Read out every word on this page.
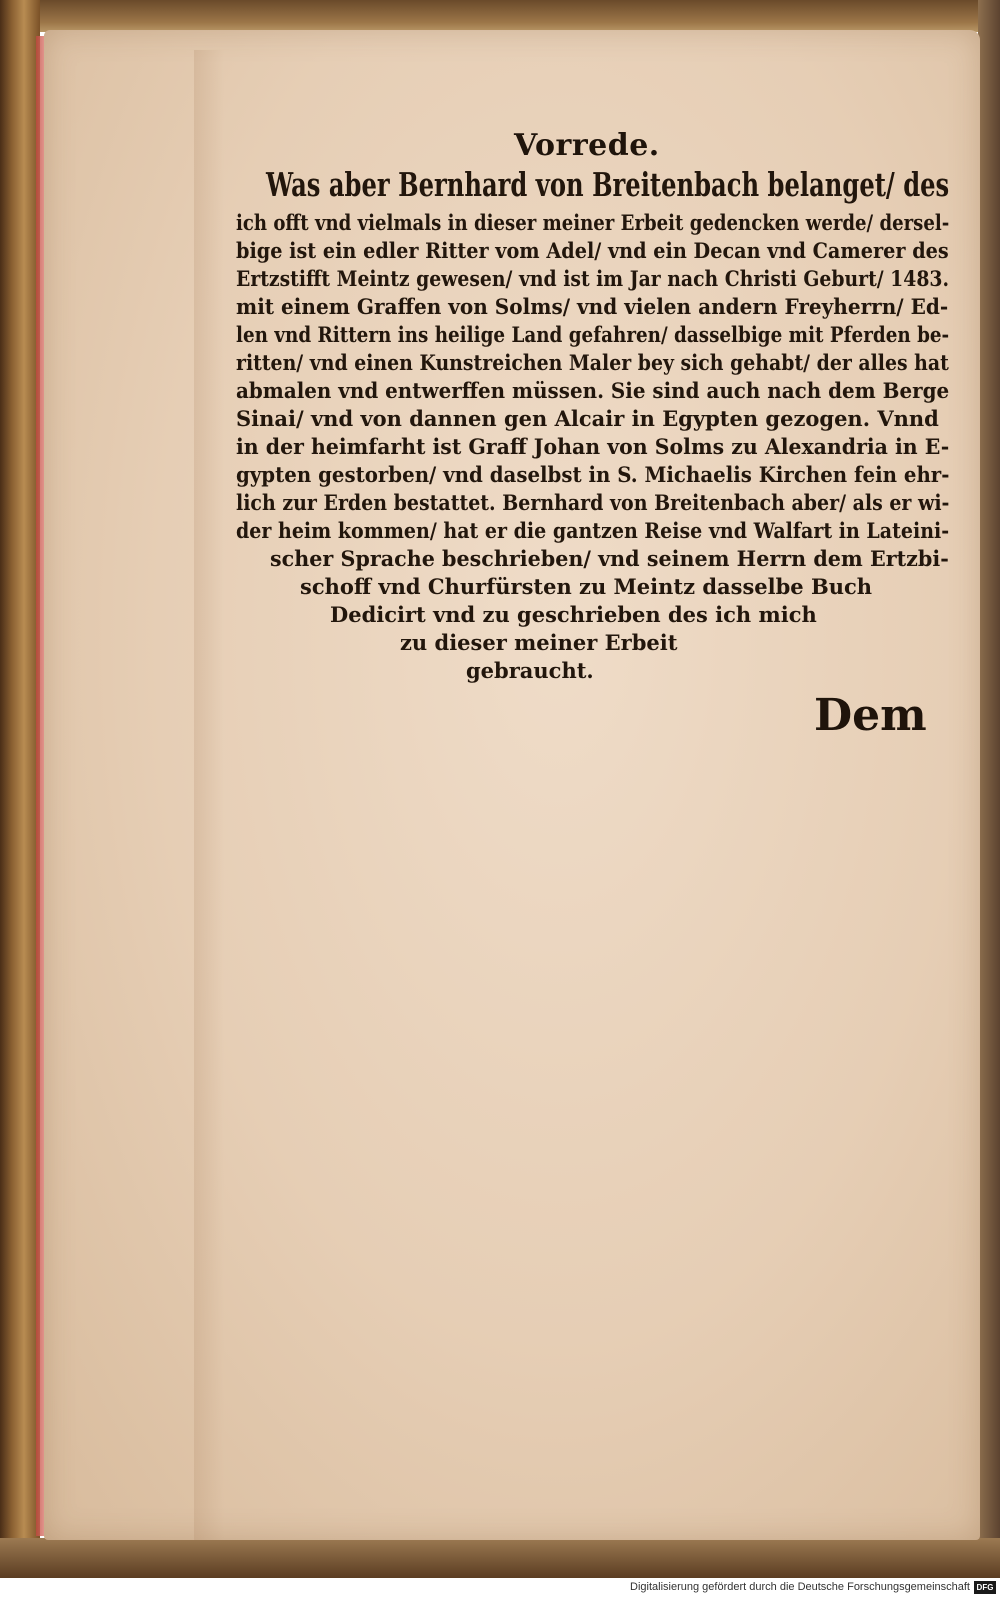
Vorrede.
Was aber Bernhard von Breitenbach belanget/ des
ich offt vnd vielmals in dieser meiner Erbeit gedencken werde/ dersel-
bige ist ein edler Ritter vom Adel/ vnd ein Decan vnd Camerer des
Ertzstifft Meintz gewesen/ vnd ist im Jar nach Christi Geburt/ 1483.
mit einem Graffen von Solms/ vnd vielen andern Freyherrn/ Ed-
len vnd Rittern ins heilige Land gefahren/ dasselbige mit Pferden be-
ritten/ vnd einen Kunstreichen Maler bey sich gehabt/ der alles hat
abmalen vnd entwerffen müssen. Sie sind auch nach dem Berge
Sinai/ vnd von dannen gen Alcair in Egypten gezogen. Vnnd
in der heimfarht ist Graff Johan von Solms zu Alexandria in E-
gypten gestorben/ vnd daselbst in S. Michaelis Kirchen fein ehr-
lich zur Erden bestattet. Bernhard von Breitenbach aber/ als er wi-
der heim kommen/ hat er die gantzen Reise vnd Walfart in Lateini-
scher Sprache beschrieben/ vnd seinem Herrn dem Ertzbi-
schoff vnd Churfürsten zu Meintz dasselbe Buch
Dedicirt vnd zu geschrieben des ich mich
zu dieser meiner Erbeit
gebraucht.
Dem
Digitalisierung gefördert durch die Deutsche Forschungsgemeinschaft DFG
